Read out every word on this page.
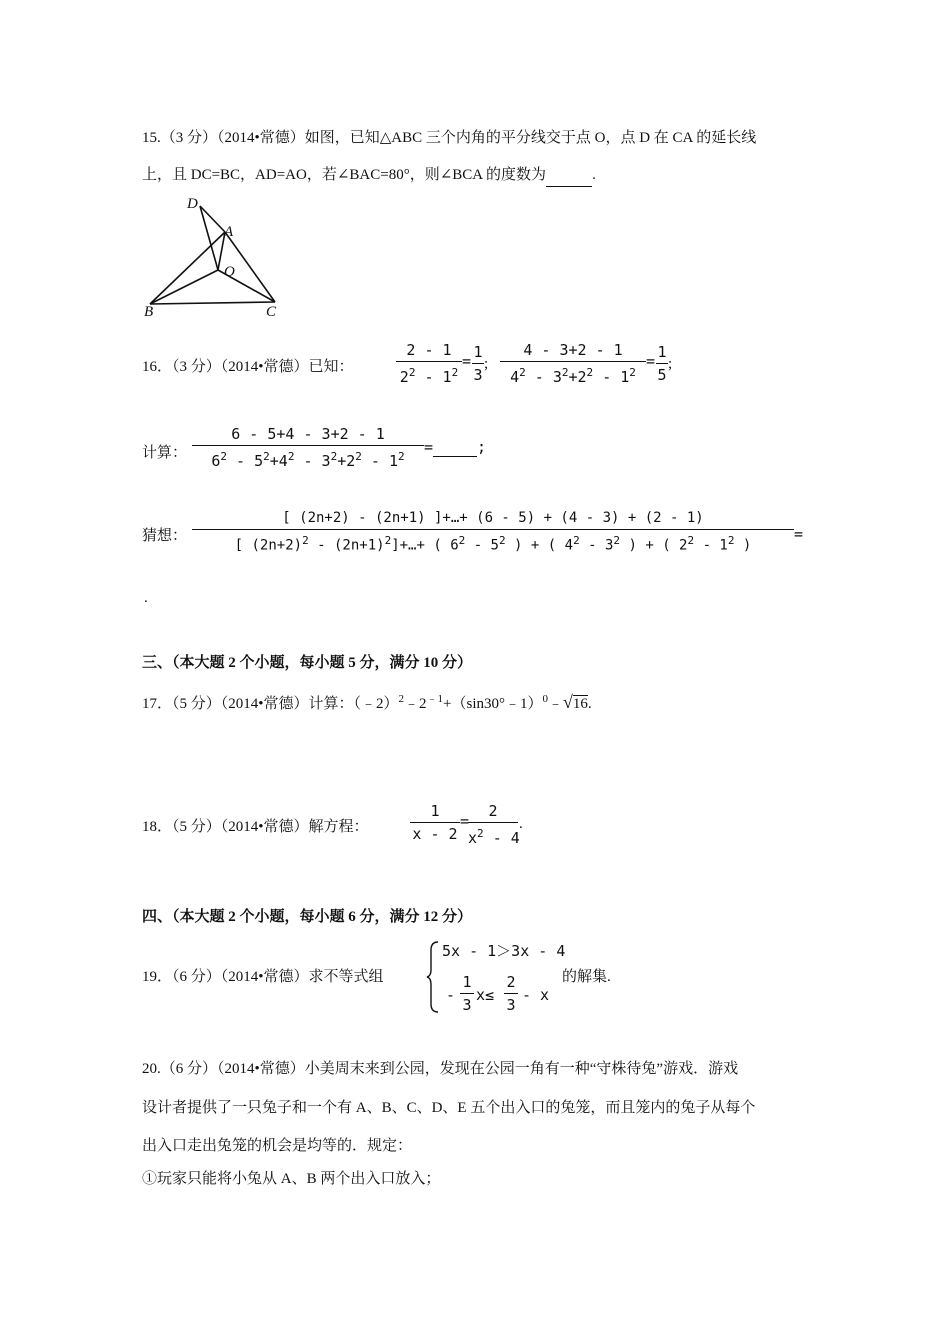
15.（3 分）（2014•常德）如图，已知△ABC 三个内角的平分线交于点 O，点 D 在 CA 的延长线
上，且 DC=BC，AD=AO，若∠BAC=80°，则∠BCA 的度数为	.
D
A
O
B	C
16．（3 分）（2014•常德）已知：
2 - 1
$2^2 - 1^2$
= 1
3
;
4 - 3+2 - 1
$4^2 - 3^2+2^2 - 1^2$
= 1
5
;
计算：
6 - 5+4 - 3+2 - 1
$6^2 - 5^2+4^2 - 3^2+2^2 - 1^2$
=	;
猜想：
[ (2n+2) - (2n+1) ]+…+ (6 - 5) + (4 - 3) + (2 - 1)
[ $(2n+2)^2$ - $(2n+1)^2]+\dots+$ ( $6^2 - 5^2$ ) + ( $4^2 - 3^2$ ) + ( $2^2 - 1^2$ )
=
.
三、（本大题 2 个小题，每小题 5 分，满分 10 分）
17．（5 分）（2014•常德）计算：$(﹣2)^2﹣2^{﹣1}+(\sin 30^\circ﹣1)^0﹣√16$.
18．（5 分）（2014•常德）解方程：
1
x - 2
=
2
$x^2 - 4$
.
四、（本大题 2 个小题，每小题 6 分，满分 12 分）
19．（6 分）（2014•常德）求不等式组
5x - 1＞3x - 4
-
1
3
x≤
2
3
- x
的解集.
20.（6 分）（2014•常德）小美周末来到公园，发现在公园一角有一种“守株待兔”游戏．游戏
设计者提供了一只兔子和一个有 A、B、C、D、E 五个出入口的兔笼，而且笼内的兔子从每个
出入口走出兔笼的机会是均等的．规定：
①玩家只能将小兔从 A、B 两个出入口放入；
